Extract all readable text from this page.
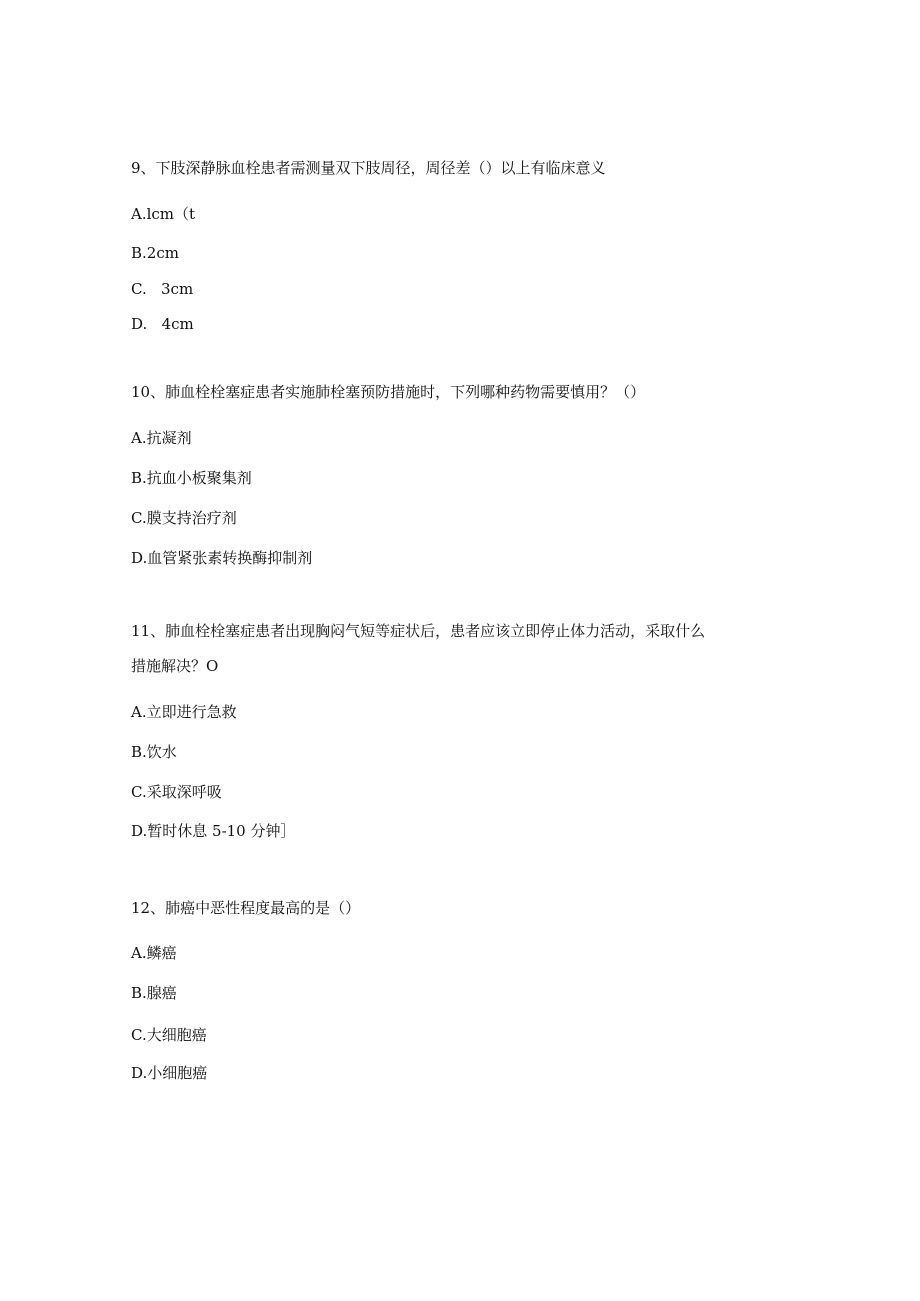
9、下肢深静脉血栓患者需测量双下肢周径，周径差（）以上有临床意义
A.lcm（t
B.2cm
C.   3cm
D.   4cm
10、肺血栓栓塞症患者实施肺栓塞预防措施时，下列哪种药物需要慎用？（）
A.抗凝剂
B.抗血小板聚集剂
C.膜支持治疗剂
D.血管紧张素转换酶抑制剂
11、肺血栓栓塞症患者出现胸闷气短等症状后，患者应该立即停止体力活动，采取什么
措施解决？O
A.立即进行急救
B.饮水
C.采取深呼吸
D.暂时休息 5-10 分钟］
12、肺癌中恶性程度最高的是（）
A.鳞癌
B.腺癌
C.大细胞癌
D.小细胞癌
